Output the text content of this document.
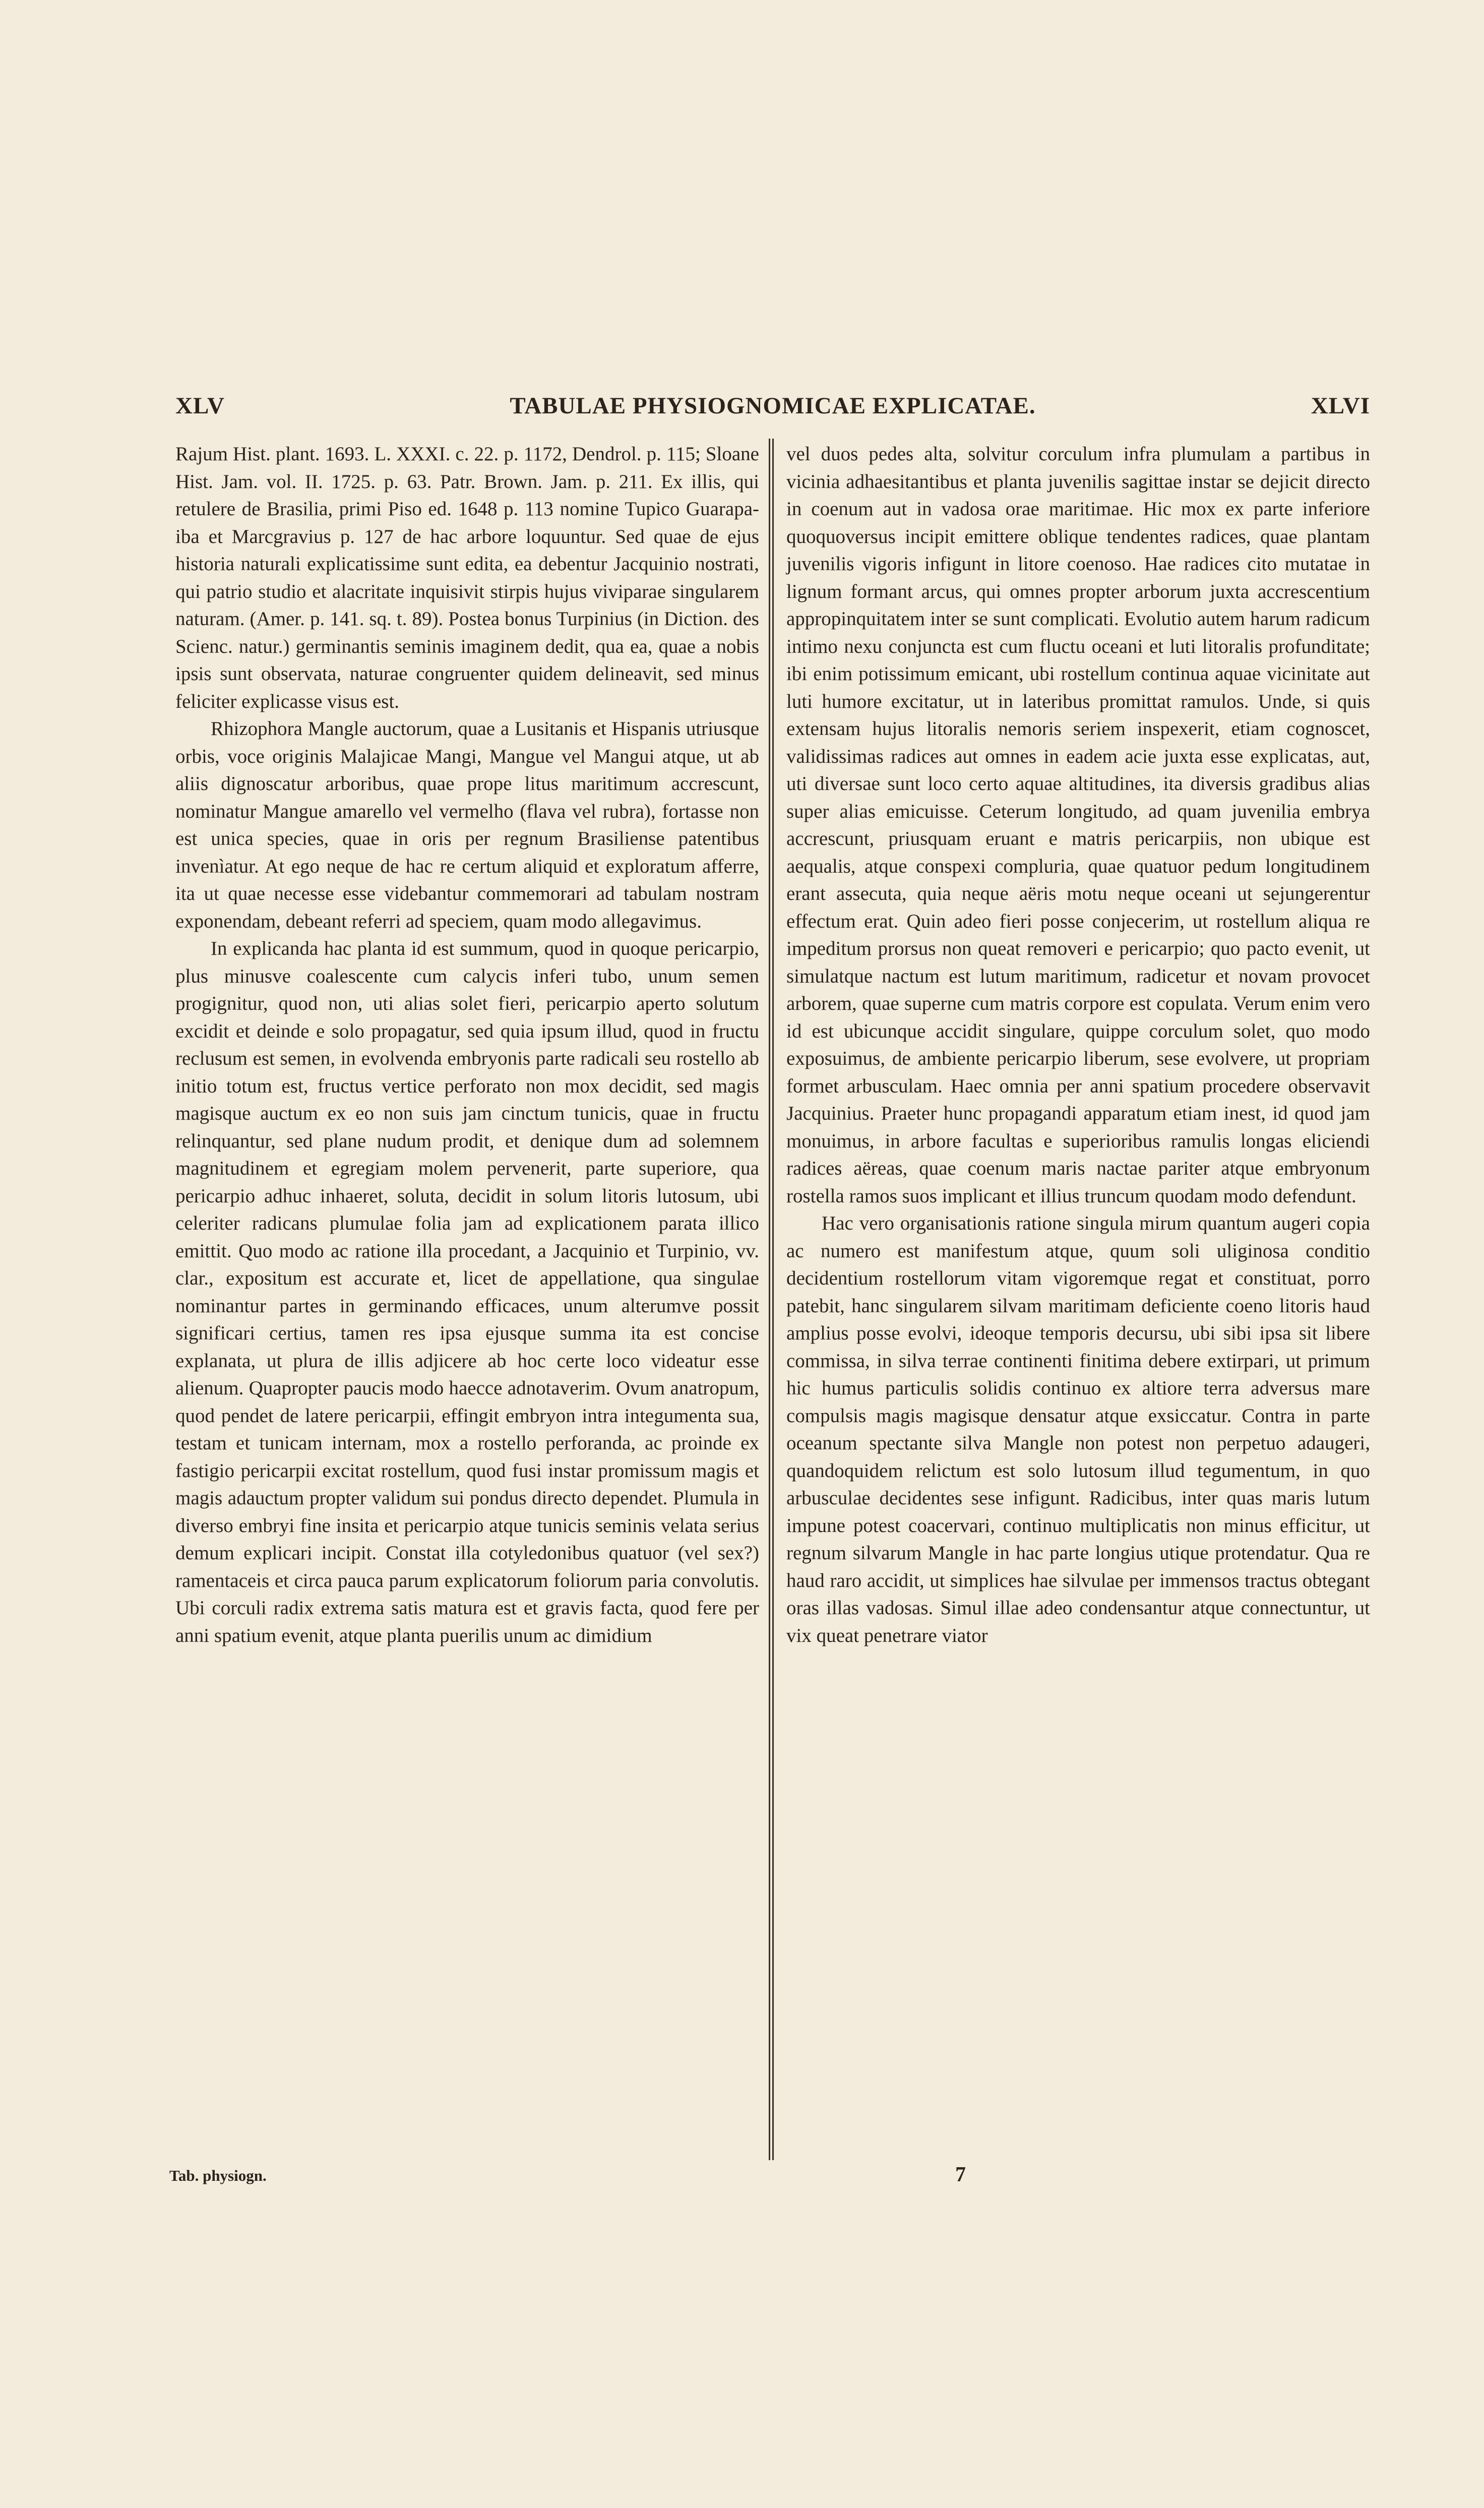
XLV	TABULAE PHYSIOGNOMICAE EXPLICATAE.	XLVI

Rajum Hist. plant. 1693. L. XXXI. c. 22. p. 1172, Dendrol. p. 115; Sloane Hist. Jam. vol. II. 1725. p. 63. Patr. Brown. Jam. p. 211. Ex illis, qui retulere de Brasilia, primi Piso ed. 1648 p. 113 nomine Tupico Guarapa-iba et Marcgravius p. 127 de hac arbore loquuntur. Sed quae de ejus historia naturali explicatissime sunt edita, ea debentur Jacquinio nostrati, qui patrio studio et alacritate inquisivit stirpis hujus viviparae singularem naturam. (Amer. p. 141. sq. t. 89). Postea bonus Turpinius (in Diction. des Scienc. natur.) germinantis seminis imaginem dedit, qua ea, quae a nobis ipsis sunt observata, naturae congruenter quidem delineavit, sed minus feliciter explicasse visus est.

Rhizophora Mangle auctorum, quae a Lusitanis et Hispanis utriusque orbis, voce originis Malajicae Mangi, Mangue vel Mangui atque, ut ab aliis dignoscatur arboribus, quae prope litus maritimum accrescunt, nominatur Mangue amarello vel vermelho (flava vel rubra), fortasse non est unica species, quae in oris per regnum Brasiliense patentibus invenìatur. At ego neque de hac re certum aliquid et exploratum afferre, ita ut quae necesse esse videbantur commemorari ad tabulam nostram exponendam, debeant referri ad speciem, quam modo allegavimus.

In explicanda hac planta id est summum, quod in quoque pericarpio, plus minusve coalescente cum calycis inferi tubo, unum semen progignitur, quod non, uti alias solet fieri, pericarpio aperto solutum excidit et deinde e solo propagatur, sed quia ipsum illud, quod in fructu reclusum est semen, in evolvenda embryonis parte radicali seu rostello ab initio totum est, fructus vertice perforato non mox decidit, sed magis magisque auctum ex eo non suis jam cinctum tunicis, quae in fructu relinquantur, sed plane nudum prodit, et denique dum ad solemnem magnitudinem et egregiam molem pervenerit, parte superiore, qua pericarpio adhuc inhaeret, soluta, decidit in solum litoris lutosum, ubi celeriter radicans plumulae folia jam ad explicationem parata illico emittit. Quo modo ac ratione illa procedant, a Jacquinio et Turpinio, vv. clar., expositum est accurate et, licet de appellatione, qua singulae nominantur partes in germinando efficaces, unum alterumve possit significari certius, tamen res ipsa ejusque summa ita est concise explanata, ut plura de illis adjicere ab hoc certe loco videatur esse alienum. Quapropter paucis modo haecce adnotaverim. Ovum anatropum, quod pendet de latere pericarpii, effingit embryon intra integumenta sua, testam et tunicam internam, mox a rostello perforanda, ac proinde ex fastigio pericarpii excitat rostellum, quod fusi instar promissum magis et magis adauctum propter validum sui pondus directo dependet. Plumula in diverso embryi fine insita et pericarpio atque tunicis seminis velata serius demum explicari incipit. Constat illa cotyledonibus quatuor (vel sex?) ramentaceis et circa pauca parum explicatorum foliorum paria convolutis. Ubi corculi radix extrema satis matura est et gravis facta, quod fere per anni spatium evenit, atque planta puerilis unum ac dimidium

vel duos pedes alta, solvitur corculum infra plumulam a partibus in vicinia adhaesitantibus et planta juvenilis sagittae instar se dejicit directo in coenum aut in vadosa orae maritimae. Hic mox ex parte inferiore quoquoversus incipit emittere oblique tendentes radices, quae plantam juvenilis vigoris infigunt in litore coenoso. Hae radices cito mutatae in lignum formant arcus, qui omnes propter arborum juxta accrescentium appropinquitatem inter se sunt complicati. Evolutio autem harum radicum intimo nexu conjuncta est cum fluctu oceani et luti litoralis profunditate; ibi enim potissimum emicant, ubi rostellum continua aquae vicinitate aut luti humore excitatur, ut in lateribus promittat ramulos. Unde, si quis extensam hujus litoralis nemoris seriem inspexerit, etiam cognoscet, validissimas radices aut omnes in eadem acie juxta esse explicatas, aut, uti diversae sunt loco certo aquae altitudines, ita diversis gradibus alias super alias emicuisse. Ceterum longitudo, ad quam juvenilia embrya accrescunt, priusquam eruant e matris pericarpiis, non ubique est aequalis, atque conspexi compluria, quae quatuor pedum longitudinem erant assecuta, quia neque aëris motu neque oceani ut sejungerentur effectum erat. Quin adeo fieri posse conjecerim, ut rostellum aliqua re impeditum prorsus non queat removeri e pericarpio; quo pacto evenit, ut simulatque nactum est lutum maritimum, radicetur et novam provocet arborem, quae superne cum matris corpore est copulata. Verum enim vero id est ubicunque accidit singulare, quippe corculum solet, quo modo exposuimus, de ambiente pericarpio liberum, sese evolvere, ut propriam formet arbusculam. Haec omnia per anni spatium procedere observavit Jacquinius. Praeter hunc propagandi apparatum etiam inest, id quod jam monuimus, in arbore facultas e superioribus ramulis longas eliciendi radices aëreas, quae coenum maris nactae pariter atque embryonum rostella ramos suos implicant et illius truncum quodam modo defendunt.

Hac vero organisationis ratione singula mirum quantum augeri copia ac numero est manifestum atque, quum soli uliginosa conditio decidentium rostellorum vitam vigoremque regat et constituat, porro patebit, hanc singularem silvam maritimam deficiente coeno litoris haud amplius posse evolvi, ideoque temporis decursu, ubi sibi ipsa sit libere commissa, in silva terrae continenti finitima debere extirpari, ut primum hic humus particulis solidis continuo ex altiore terra adversus mare compulsis magis magisque densatur atque exsiccatur. Contra in parte oceanum spectante silva Mangle non potest non perpetuo adaugeri, quandoquidem relictum est solo lutosum illud tegumentum, in quo arbusculae decidentes sese infigunt. Radicibus, inter quas maris lutum impune potest coacervari, continuo multiplicatis non minus efficitur, ut regnum silvarum Mangle in hac parte longius utique protendatur. Qua re haud raro accidit, ut simplices hae silvulae per immensos tractus obtegant oras illas vadosas. Simul illae adeo condensantur atque connectuntur, ut vix queat penetrare viator

Tab. physiogn.	7
